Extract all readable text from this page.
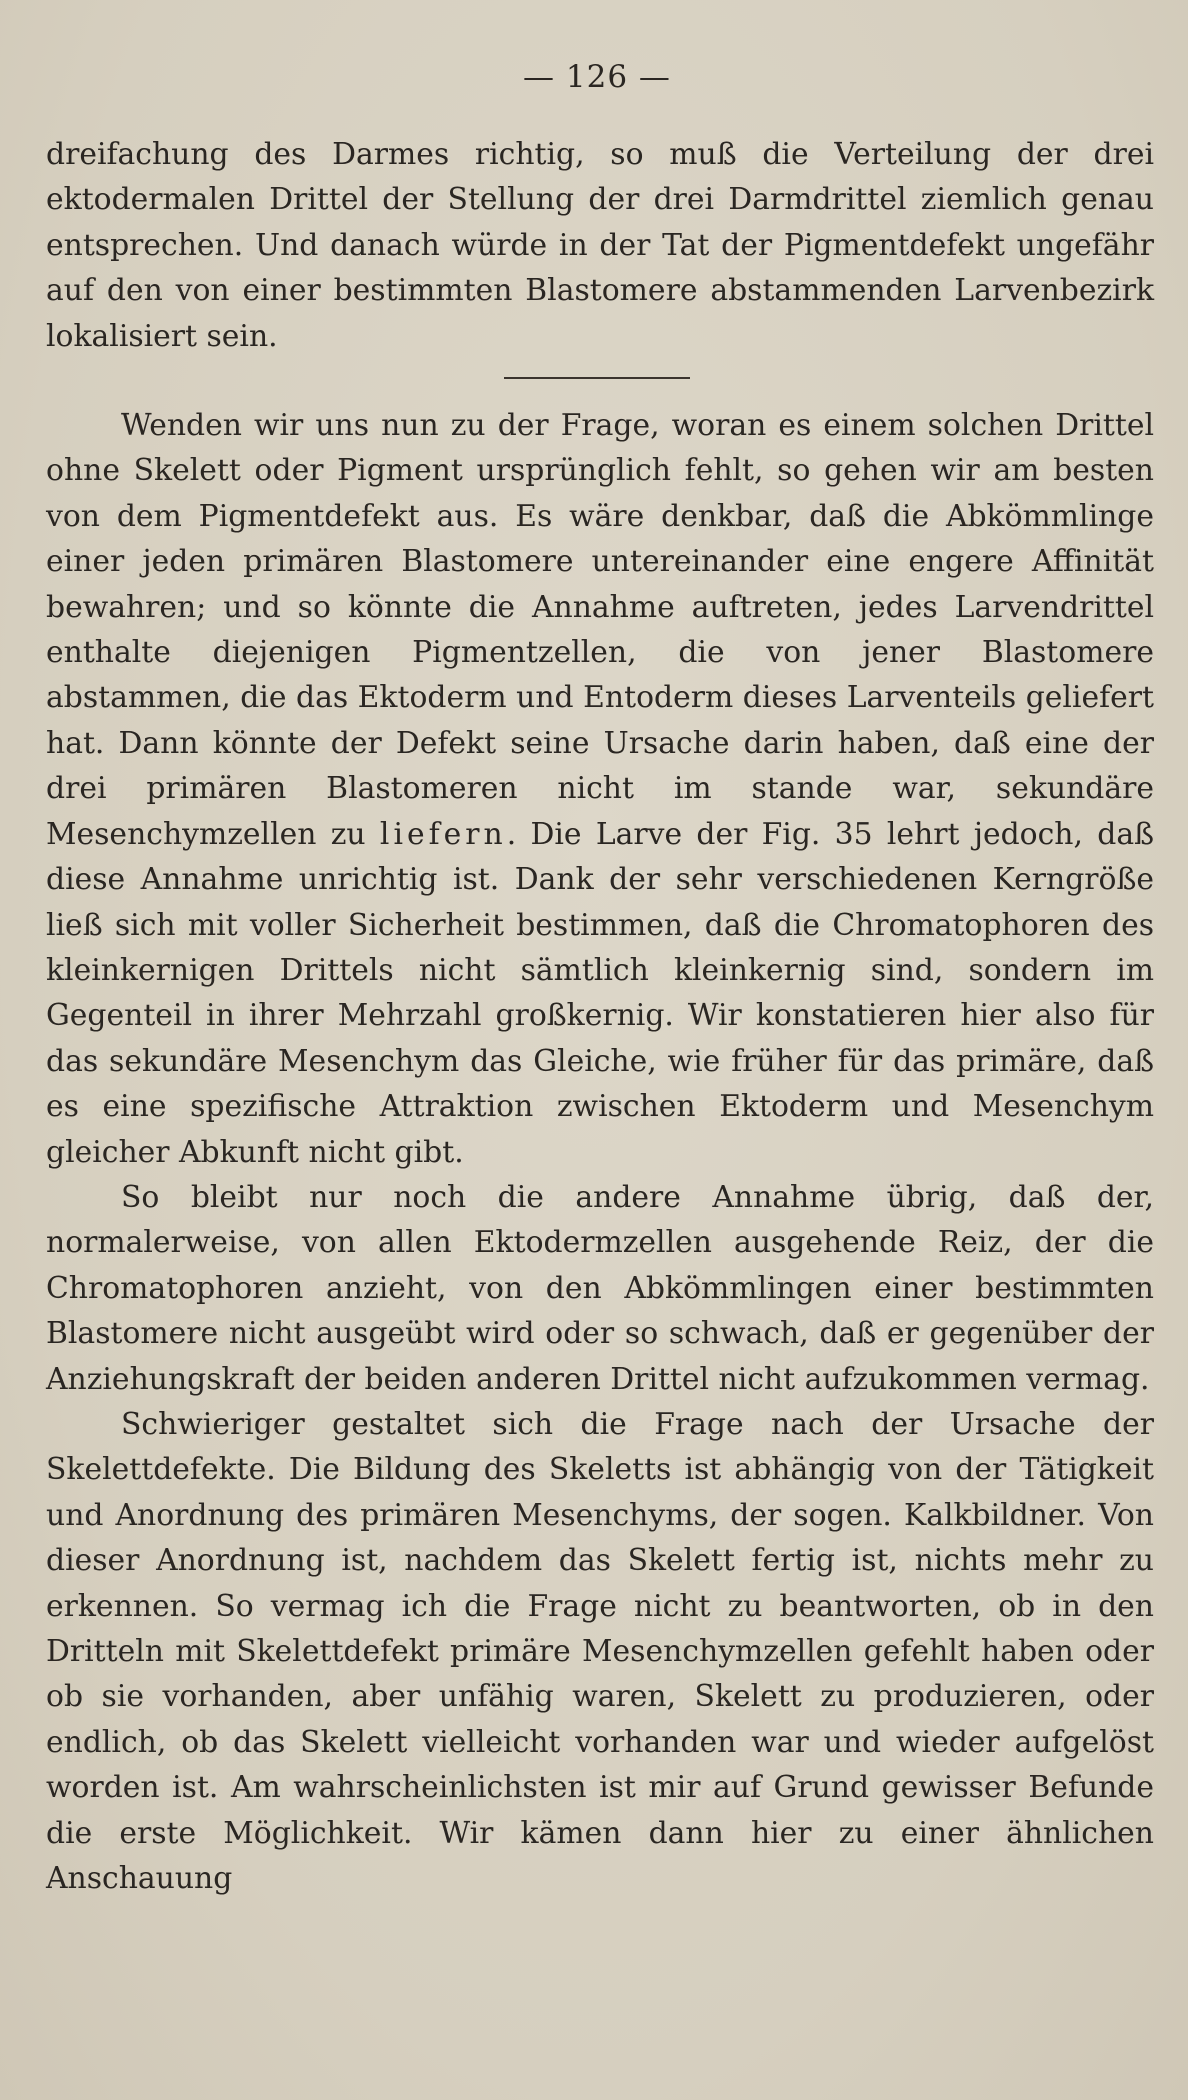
— 126 —

dreifachung des Darmes richtig, so muß die Verteilung der drei ektodermalen Drittel der Stellung der drei Darmdrittel ziemlich genau entsprechen. Und danach würde in der Tat der Pigmentdefekt ungefähr auf den von einer bestimmten Blastomere abstammenden Larvenbezirk lokalisiert sein.

Wenden wir uns nun zu der Frage, woran es einem solchen Drittel ohne Skelett oder Pigment ursprünglich fehlt, so gehen wir am besten von dem Pigmentdefekt aus. Es wäre denkbar, daß die Abkömmlinge einer jeden primären Blastomere untereinander eine engere Affinität bewahren; und so könnte die Annahme auftreten, jedes Larvendrittel enthalte diejenigen Pigmentzellen, die von jener Blastomere abstammen, die das Ektoderm und Entoderm dieses Larventeils geliefert hat. Dann könnte der Defekt seine Ursache darin haben, daß eine der drei primären Blastomeren nicht im stande war, sekundäre Mesenchymzellen zu liefern. Die Larve der Fig. 35 lehrt jedoch, daß diese Annahme unrichtig ist. Dank der sehr verschiedenen Kerngröße ließ sich mit voller Sicherheit bestimmen, daß die Chromatophoren des kleinkernigen Drittels nicht sämtlich kleinkernig sind, sondern im Gegenteil in ihrer Mehrzahl großkernig. Wir konstatieren hier also für das sekundäre Mesenchym das Gleiche, wie früher für das primäre, daß es eine spezifische Attraktion zwischen Ektoderm und Mesenchym gleicher Abkunft nicht gibt.

So bleibt nur noch die andere Annahme übrig, daß der, normalerweise, von allen Ektodermzellen ausgehende Reiz, der die Chromatophoren anzieht, von den Abkömmlingen einer bestimmten Blastomere nicht ausgeübt wird oder so schwach, daß er gegenüber der Anziehungskraft der beiden anderen Drittel nicht aufzukommen vermag.

Schwieriger gestaltet sich die Frage nach der Ursache der Skelettdefekte. Die Bildung des Skeletts ist abhängig von der Tätigkeit und Anordnung des primären Mesenchyms, der sogen. Kalkbildner. Von dieser Anordnung ist, nachdem das Skelett fertig ist, nichts mehr zu erkennen. So vermag ich die Frage nicht zu beantworten, ob in den Dritteln mit Skelettdefekt primäre Mesenchymzellen gefehlt haben oder ob sie vorhanden, aber unfähig waren, Skelett zu produzieren, oder endlich, ob das Skelett vielleicht vorhanden war und wieder aufgelöst worden ist. Am wahrscheinlichsten ist mir auf Grund gewisser Befunde die erste Möglichkeit. Wir kämen dann hier zu einer ähnlichen Anschauung
